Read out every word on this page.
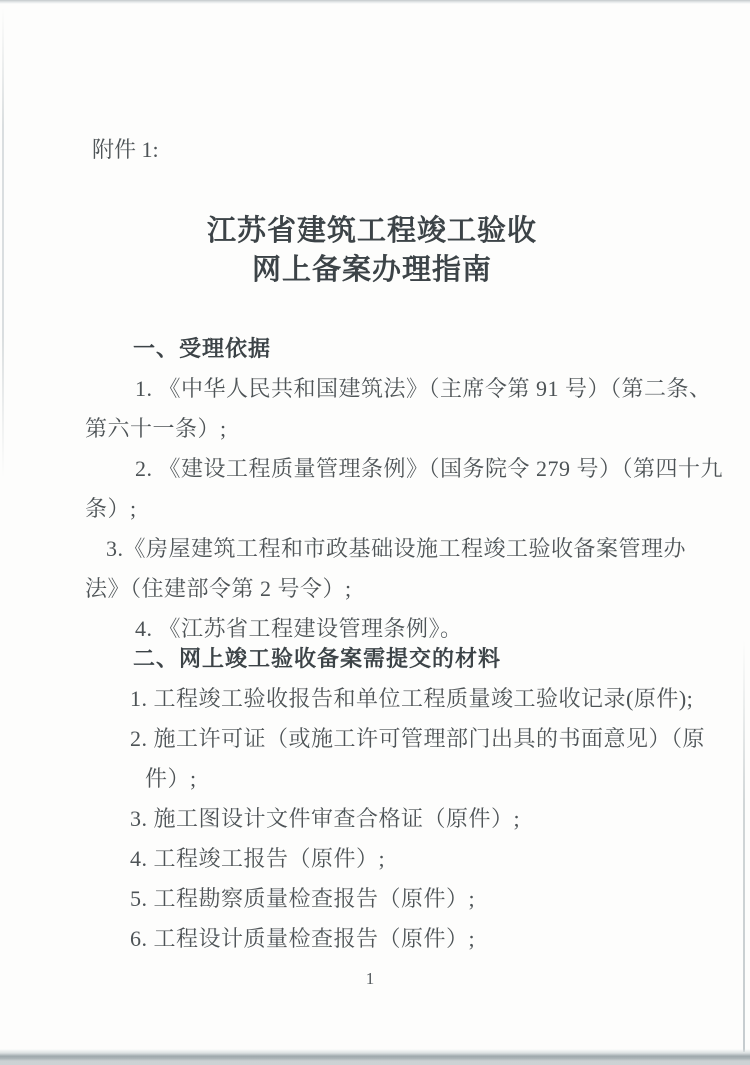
附件 1:
江苏省建筑工程竣工验收
网上备案办理指南
一、受理依据
1. 《中华人民共和国建筑法》（主席令第 91 号）（第二条、
第六十一条）;
2. 《建设工程质量管理条例》（国务院令 279 号）（第四十九
条）;
3.《房屋建筑工程和市政基础设施工程竣工验收备案管理办
法》（住建部令第 2 号令）;
4. 《江苏省工程建设管理条例》。
二、网上竣工验收备案需提交的材料
1. 工程竣工验收报告和单位工程质量竣工验收记录(原件);
2. 施工许可证（或施工许可管理部门出具的书面意见）（原
件）;
3. 施工图设计文件审查合格证（原件）;
4. 工程竣工报告（原件）;
5. 工程勘察质量检查报告（原件）;
6. 工程设计质量检查报告（原件）;
1
